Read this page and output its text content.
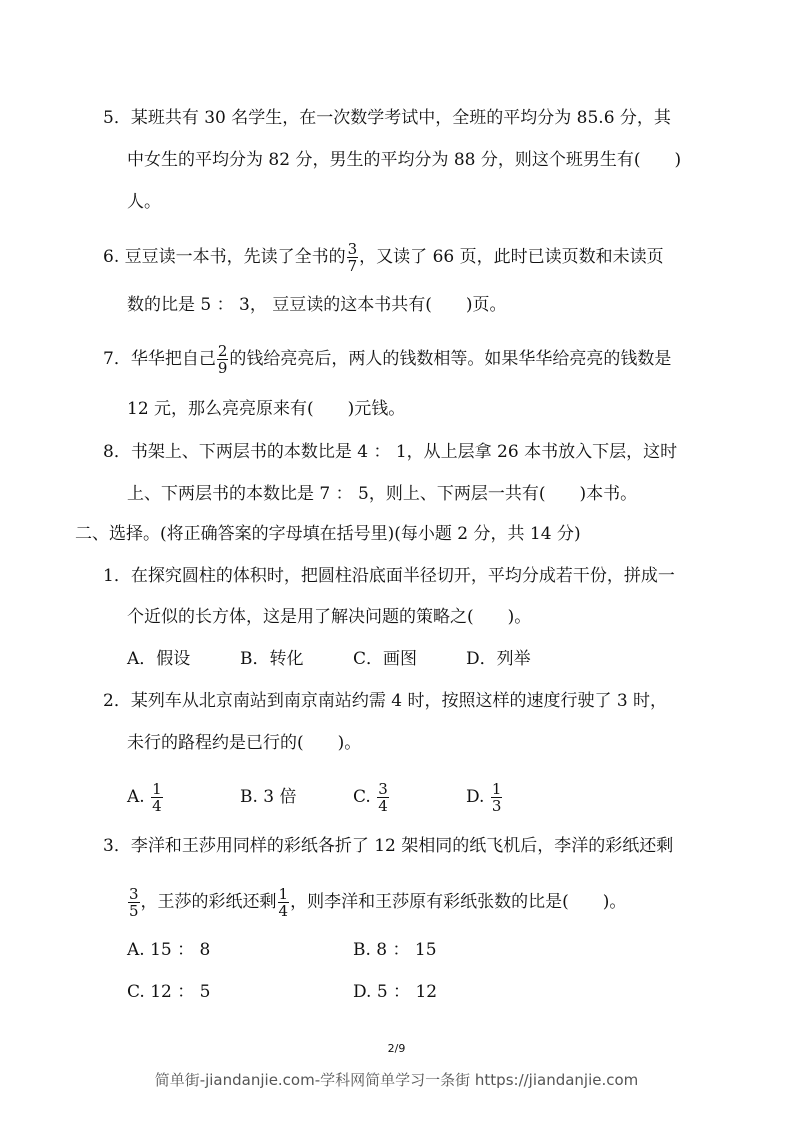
5．某班共有 30 名学生，在一次数学考试中，全班的平均分为 85.6 分，其
中女生的平均分为 82 分，男生的平均分为 88 分，则这个班男生有(　　)
人。
6. 豆豆读一本书，先读了全书的 $\frac{3}{7}$ ，又读了 66 页，此时已读页数和未读页
数的比是 5 ： 3， 豆豆读的这本书共有(　　)页。
7．华华把自己 $\frac{2}{9}$ 的钱给亮亮后，两人的钱数相等。如果华华给亮亮的钱数是
12 元，那么亮亮原来有(　　)元钱。
8．书架上、下两层书的本数比是 4 ： 1，从上层拿 26 本书放入下层，这时
上、下两层书的本数比是 7 ： 5，则上、下两层一共有(　　)本书。
二、选择。(将正确答案的字母填在括号里)(每小题 2 分，共 14 分)
1．在探究圆柱的体积时，把圆柱沿底面半径切开，平均分成若干份，拼成一
个近似的长方体，这是用了解决问题的策略之(　　)。
A．假设	B．转化	C．画图	D．列举
2．某列车从北京南站到南京南站约需 4 时，按照这样的速度行驶了 3 时，
未行的路程约是已行的(　　)。
A. $\frac{1}{4}$	B. 3 倍	C. $\frac{3}{4}$	D. $\frac{1}{3}$
3．李洋和王莎用同样的彩纸各折了 12 架相同的纸飞机后，李洋的彩纸还剩
$\frac{3}{5}$ ，王莎的彩纸还剩 $\frac{1}{4}$ ，则李洋和王莎原有彩纸张数的比是(　　)。
A. 15 ： 8	B. 8 ： 15
C. 12 ： 5	D. 5 ： 12
2/9
简单街-jiandanjie.com-学科网简单学习一条街 https://jiandanjie.com
